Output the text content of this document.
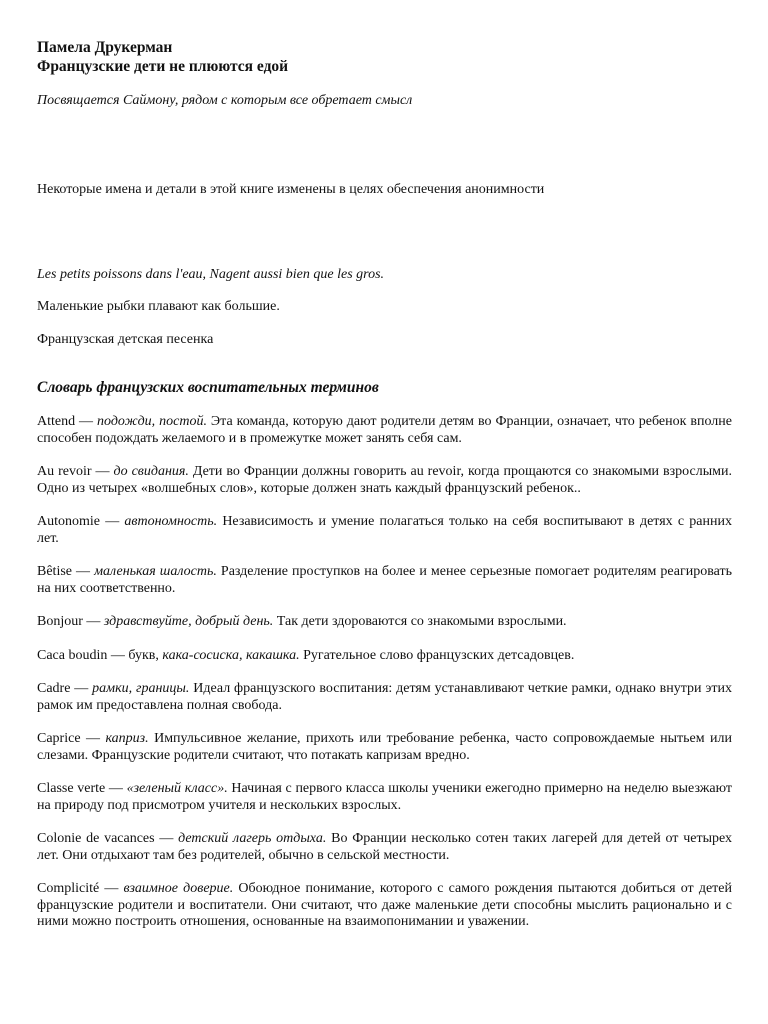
Памела Друкерман

Французские дети не плюются едой

Посвящается Саймону, рядом с которым все обретает смысл

Некоторые имена и детали в этой книге изменены в целях обеспечения анонимности

Les petits poissons dans l'eau, Nagent aussi bien que les gros.

Маленькие рыбки плавают как большие.

Французская детская песенка

Словарь французских воспитательных терминов

Attend — подожди, постой. Эта команда, которую дают родители детям во Франции, означает, что ребенок вполне способен подождать желаемого и в промежутке может занять себя сам.

Au revoir — до свидания. Дети во Франции должны говорить au revoir, когда прощаются со знакомыми взрослыми. Одно из четырех «волшебных слов», которые должен знать каждый французский ребенок..

Autonomie — автономность. Независимость и умение полагаться только на себя воспитывают в детях с ранних лет.

Bêtise — маленькая шалость. Разделение проступков на более и менее серьезные помогает родителям реагировать на них соответственно.

Bonjour — здравствуйте, добрый день. Так дети здороваются со знакомыми взрослыми.

Caca boudin — букв, кака-сосиска, какашка. Ругательное слово французских детсадовцев.

Cadre — рамки, границы. Идеал французского воспитания: детям устанавливают четкие рамки, однако внутри этих рамок им предоставлена полная свобода.

Caprice — каприз. Импульсивное желание, прихоть или требование ребенка, часто сопровождаемые нытьем или слезами. Французские родители считают, что потакать капризам вредно.

Classe verte — «зеленый класс». Начиная с первого класса школы ученики ежегодно примерно на неделю выезжают на природу под присмотром учителя и нескольких взрослых.

Colonie de vacances — детский лагерь отдыха. Во Франции несколько сотен таких лагерей для детей от четырех лет. Они отдыхают там без родителей, обычно в сельской местности.

Complicité — взаимное доверие. Обоюдное понимание, которого с самого рождения пытаются добиться от детей французские родители и воспитатели. Они считают, что даже маленькие дети способны мыслить рационально и с ними можно построить отношения, основанные на взаимопонимании и уважении.
